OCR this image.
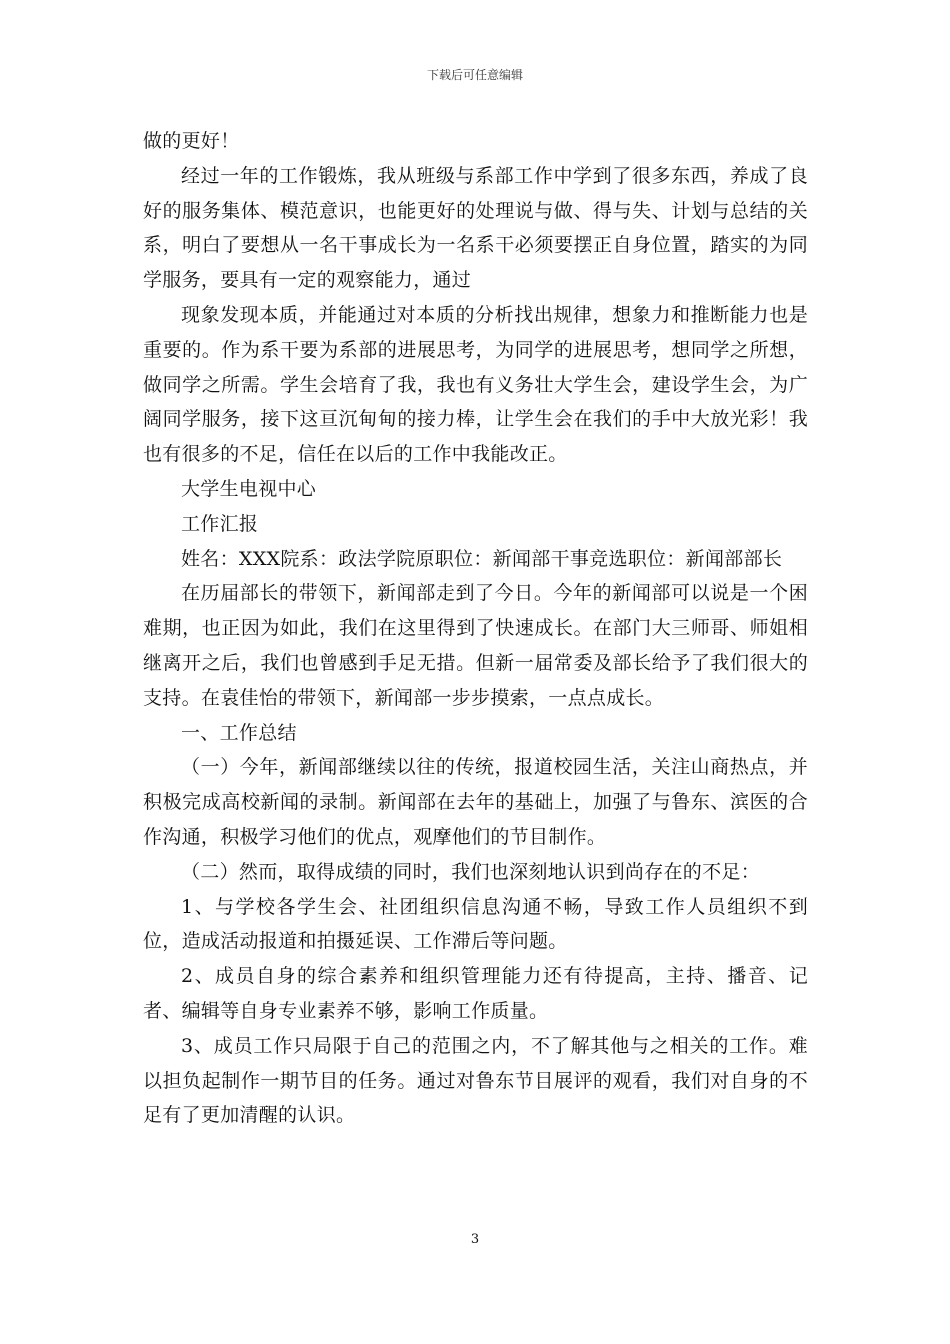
下载后可任意编辑

做的更好！

经过一年的工作锻炼，我从班级与系部工作中学到了很多东西，养成了良好的服务集体、模范意识，也能更好的处理说与做、得与失、计划与总结的关系，明白了要想从一名干事成长为一名系干必须要摆正自身位置，踏实的为同学服务，要具有一定的观察能力，通过

现象发现本质，并能通过对本质的分析找出规律，想象力和推断能力也是重要的。作为系干要为系部的进展思考，为同学的进展思考，想同学之所想，做同学之所需。学生会培育了我，我也有义务壮大学生会，建设学生会，为广阔同学服务，接下这亘沉甸甸的接力棒，让学生会在我们的手中大放光彩！我也有很多的不足，信任在以后的工作中我能改正。

大学生电视中心

工作汇报

姓名：XXX院系：政法学院原职位：新闻部干事竞选职位：新闻部部长

在历届部长的带领下，新闻部走到了今日。今年的新闻部可以说是一个困难期，也正因为如此，我们在这里得到了快速成长。在部门大三师哥、师姐相继离开之后，我们也曾感到手足无措。但新一届常委及部长给予了我们很大的支持。在袁佳怡的带领下，新闻部一步步摸索，一点点成长。

一、工作总结

（一）今年，新闻部继续以往的传统，报道校园生活，关注山商热点，并积极完成高校新闻的录制。新闻部在去年的基础上，加强了与鲁东、滨医的合作沟通，积极学习他们的优点，观摩他们的节目制作。

（二）然而，取得成绩的同时，我们也深刻地认识到尚存在的不足：

1、与学校各学生会、社团组织信息沟通不畅，导致工作人员组织不到位，造成活动报道和拍摄延误、工作滞后等问题。

2、成员自身的综合素养和组织管理能力还有待提高，主持、播音、记者、编辑等自身专业素养不够，影响工作质量。

3、成员工作只局限于自己的范围之内，不了解其他与之相关的工作。难以担负起制作一期节目的任务。通过对鲁东节目展评的观看，我们对自身的不足有了更加清醒的认识。

3
